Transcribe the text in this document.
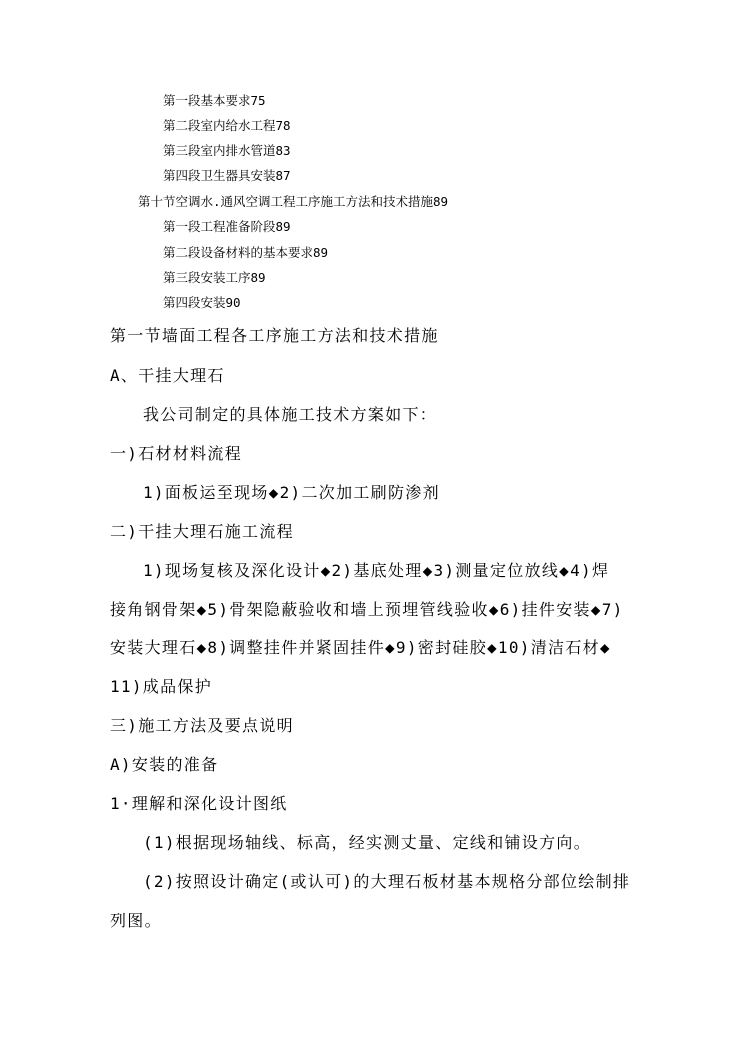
第一段基本要求75
第二段室内给水工程78
第三段室内排水管道83
第四段卫生器具安装87
第十节空调水.通风空调工程工序施工方法和技术措施89
第一段工程准备阶段89
第二段设备材料的基本要求89
第三段安装工序89
第四段安装90
第一节墙面工程各工序施工方法和技术措施
A、干挂大理石
我公司制定的具体施工技术方案如下：
一)石材材料流程
1)面板运至现场◆2)二次加工刷防渗剂
二)干挂大理石施工流程
1)现场复核及深化设计◆2)基底处理◆3)测量定位放线◆4)焊
接角钢骨架◆5)骨架隐蔽验收和墙上预埋管线验收◆6)挂件安装◆7)
安装大理石◆8)调整挂件并紧固挂件◆9)密封硅胶◆10)清洁石材◆
11)成品保护
三)施工方法及要点说明
A)安装的准备
1·理解和深化设计图纸
(1)根据现场轴线、标高，经实测丈量、定线和铺设方向。
(2)按照设计确定(或认可)的大理石板材基本规格分部位绘制排
列图。
